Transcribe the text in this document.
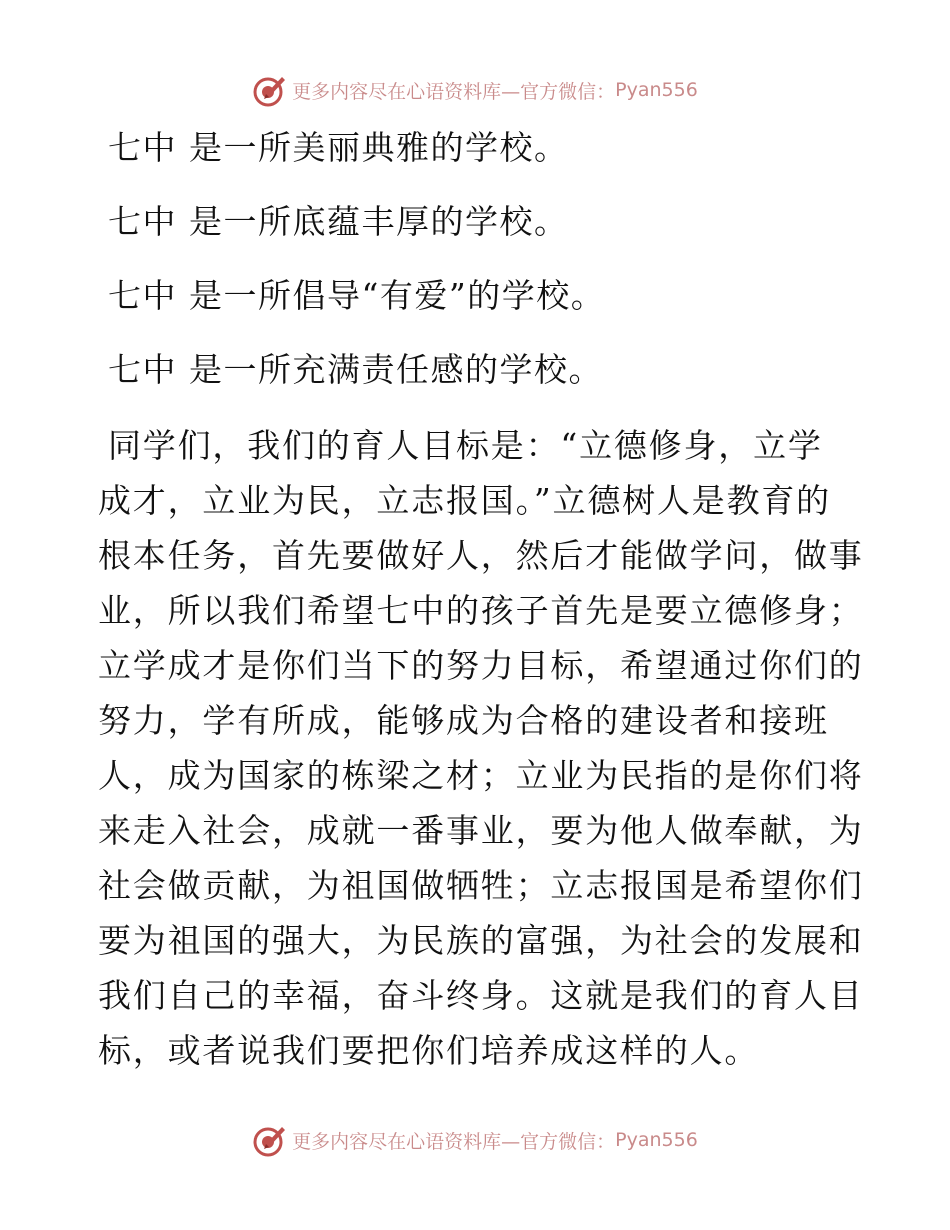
更多内容尽在心语资料库—官方微信： Pyan556
七中 是一所美丽典雅的学校。
七中 是一所底蕴丰厚的学校。
七中 是一所倡导“有爱”的学校。
七中 是一所充满责任感的学校。
同学们，我们的育人目标是：“立德修身，立学
成才，立业为民，立志报国。”立德树人是教育的
根本任务，首先要做好人，然后才能做学问，做事
业，所以我们希望七中的孩子首先是要立德修身；
立学成才是你们当下的努力目标，希望通过你们的
努力，学有所成，能够成为合格的建设者和接班
人，成为国家的栋梁之材；立业为民指的是你们将
来走入社会，成就一番事业，要为他人做奉献，为
社会做贡献，为祖国做牺牲；立志报国是希望你们
要为祖国的强大，为民族的富强，为社会的发展和
我们自己的幸福，奋斗终身。这就是我们的育人目
标，或者说我们要把你们培养成这样的人。
更多内容尽在心语资料库—官方微信： Pyan556
